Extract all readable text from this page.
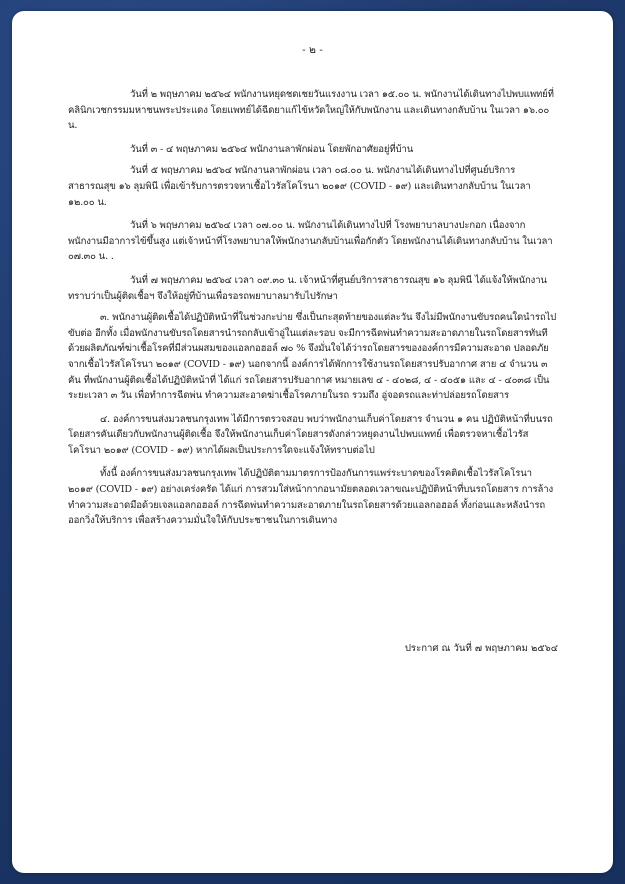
- ๒ -

วันที่ ๒ พฤษภาคม ๒๕๖๔ พนักงานหยุดชดเชยวันแรงงาน เวลา ๑๕.๐๐ น. พนักงานได้เดินทางไปพบแพทย์ที่ คลินิกเวชกรรมมหาชนพระประแดง โดยแพทย์ได้ฉีดยาแก้ไข้หวัดใหญ่ให้กับพนักงาน และเดินทางกลับบ้าน ในเวลา ๑๖.๐๐ น.

วันที่ ๓ - ๔ พฤษภาคม ๒๕๖๔ พนักงานลาพักผ่อน โดยพักอาศัยอยู่ที่บ้าน

วันที่ ๕ พฤษภาคม ๒๕๖๔ พนักงานลาพักผ่อน เวลา ๐๘.๐๐ น. พนักงานได้เดินทางไปที่ศูนย์บริการสาธารณสุข ๑๖ ลุมพินี เพื่อเข้ารับการตรวจหาเชื้อไวรัสโคโรนา ๒๐๑๙ (COVID - ๑๙) และเดินทางกลับบ้าน ในเวลา ๑๒.๐๐ น.

วันที่ ๖ พฤษภาคม ๒๕๖๔ เวลา ๐๗.๐๐ น. พนักงานได้เดินทางไปที่ โรงพยาบาลบางปะกอก เนื่องจากพนักงานมีอาการไข้ขึ้นสูง แต่เจ้าหน้าที่โรงพยาบาลให้พนักงานกลับบ้านเพื่อกักตัว โดยพนักงานได้เดินทางกลับบ้าน ในเวลา ๐๗.๓๐ น. .

วันที่ ๗ พฤษภาคม ๒๕๖๔ เวลา ๐๙.๓๐ น. เจ้าหน้าที่ศูนย์บริการสาธารณสุข ๑๖ ลุมพินี ได้แจ้งให้พนักงานทราบว่าเป็นผู้ติดเชื้อฯ จึงให้อยู่ที่บ้านเพื่อรอรถพยาบาลมารับไปรักษา

๓. พนักงานผู้ติดเชื้อได้ปฏิบัติหน้าที่ในช่วงกะบ่าย ซึ่งเป็นกะสุดท้ายของแต่ละวัน จึงไม่มีพนักงานขับรถคนใดนำรถไปขับต่อ อีกทั้ง เมื่อพนักงานขับรถโดยสารนำรถกลับเข้าอู่ในแต่ละรอบ จะมีการฉีดพ่นทำความสะอาดภายในรถโดยสารทันทีด้วยผลิตภัณฑ์ฆ่าเชื้อโรคที่มีส่วนผสมของแอลกอฮอล์ ๗๐ % จึงมั่นใจได้ว่ารถโดยสารขององค์การมีความสะอาด ปลอดภัยจากเชื้อไวรัสโคโรนา ๒๐๑๙ (COVID - ๑๙) นอกจากนี้ องค์การได้พักการใช้งานรถโดยสารปรับอากาศ สาย ๔ จำนวน ๓ คัน ที่พนักงานผู้ติดเชื้อได้ปฏิบัติหน้าที่ ได้แก่ รถโดยสารปรับอากาศ หมายเลข ๔ - ๔๐๒๘, ๔ - ๔๐๕๑ และ ๔ - ๔๐๓๘ เป็นระยะเวลา ๓ วัน เพื่อทำการฉีดพ่น ทำความสะอาดฆ่าเชื้อโรคภายในรถ รวมถึง อู่จอดรถและท่าปล่อยรถโดยสาร

๔. องค์การขนส่งมวลชนกรุงเทพ ได้มีการตรวจสอบ พบว่าพนักงานเก็บค่าโดยสาร จำนวน ๑ คน ปฏิบัติหน้าที่บนรถโดยสารคันเดียวกับพนักงานผู้ติดเชื้อ จึงให้พนักงานเก็บค่าโดยสารดังกล่าวหยุดงานไปพบแพทย์ เพื่อตรวจหาเชื้อไวรัสโคโรนา ๒๐๑๙ (COVID - ๑๙) หากได้ผลเป็นประการใดจะแจ้งให้ทราบต่อไป

ทั้งนี้ องค์การขนส่งมวลชนกรุงเทพ ได้ปฏิบัติตามมาตรการป้องกันการแพร่ระบาดของโรคติดเชื้อไวรัสโคโรนา ๒๐๑๙ (COVID - ๑๙) อย่างเคร่งครัด ได้แก่ การสวมใส่หน้ากากอนามัยตลอดเวลาขณะปฏิบัติหน้าที่บนรถโดยสาร การล้างทำความสะอาดมือด้วยเจลแอลกอฮอล์ การฉีดพ่นทำความสะอาดภายในรถโดยสารด้วยแอลกอฮอล์ ทั้งก่อนและหลังนำรถออกวิ่งให้บริการ เพื่อสร้างความมั่นใจให้กับประชาชนในการเดินทาง

ประกาศ ณ วันที่ ๗ พฤษภาคม ๒๕๖๔
